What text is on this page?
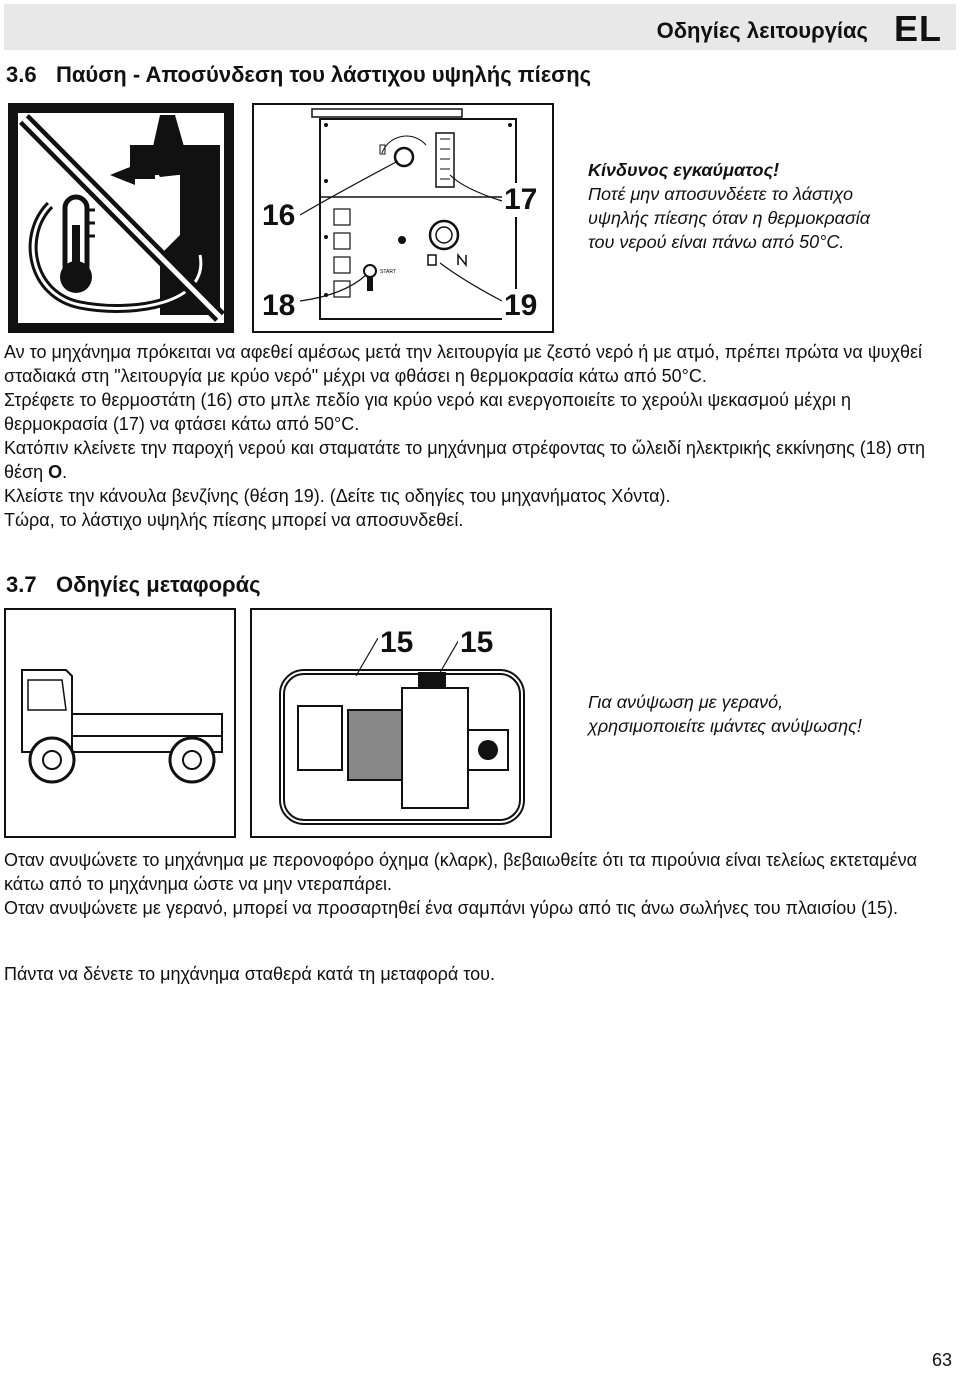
Οδηγίες λειτουργίας EL
3.6 Παύση - Αποσύνδεση του λάστιχου υψηλής πίεσης
START
16	17
18	19
Κίνδυνος εγκαύματος!
Ποτέ μην αποσυνδέετε το λάστιχο
υψηλής πίεσης όταν η θερμοκρασία
του νερού είναι πάνω από 50°C.

Αν το μηχάνημα πρόκειται να αφεθεί αμέσως μετά την λειτουργία με ζεστό νερό ή με ατμό, πρέπει πρώτα να ψυχθεί σταδιακά στη "λειτουργία με κρύο νερό" μέχρι να φθάσει η θερμοκρασία κάτω από 50°C.

Στρέφετε το θερμοστάτη (16) στο μπλε πεδίο για κρύο νερό και ενεργοποιείτε το χερούλι ψεκασμού μέχρι η θερμοκρασία (17) να φτάσει κάτω από 50°C.

Κατόπιν κλείνετε την παροχή νερού και σταματάτε το μηχάνημα στρέφοντας το ὤλειδί ηλεκτρικής εκκίνησης (18) στη θέση O.

Κλείστε την κάνουλα βενζίνης (θέση 19). (Δείτε τις οδηγίες του μηχανήματος Χόντα).

Τώρα, το λάστιχο υψηλής πίεσης μπορεί να αποσυνδεθεί.

3.7 Οδηγίες μεταφοράς
15 15
Για ανύψωση με γερανό,
χρησιμοποιείτε ιμάντες ανύψωσης!

Οταν ανυψώνετε το μηχάνημα με περονοφόρο όχημα (κλαρκ), βεβαιωθείτε ότι τα πιρούνια είναι τελείως εκτεταμένα κάτω από το μηχάνημα ώστε να μην ντεραπάρει.

Οταν ανυψώνετε με γερανό, μπορεί να προσαρτηθεί ένα σαμπάνι γύρω από τις άνω σωλήνες του πλαισίου (15).

Πάντα να δένετε το μηχάνημα σταθερά κατά τη μεταφορά του.

63
